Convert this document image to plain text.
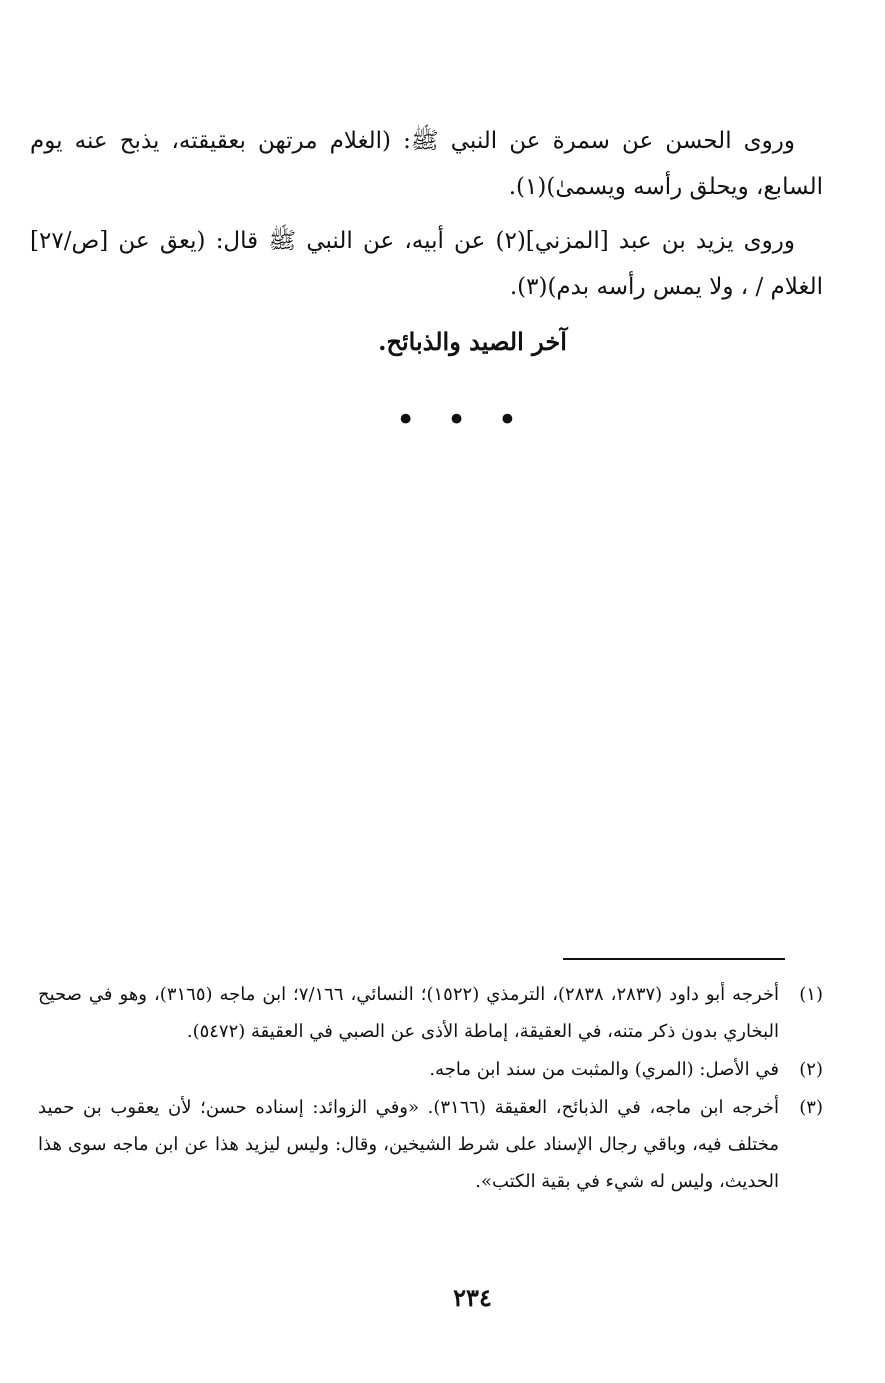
وروى الحسن عن سمرة عن النبي ﷺ: (الغلام مرتهن بعقيقته، يذبح عنه يوم السابع، ويحلق رأسه ويسمىٰ)(١).

وروى يزيد بن عبد [المزني](٢) عن أبيه، عن النبي ﷺ قال: (يعق عن [ص/٢٧] الغلام / ، ولا يمس رأسه بدم)(٣).

آخر الصيد والذبائح.
• • •
(١)
أخرجه أبو داود (٢٨٣٧، ٢٨٣٨)، الترمذي (١٥٢٢)؛ النسائي، ٧/١٦٦؛ ابن ماجه (٣١٦٥)، وهو في صحيح البخاري بدون ذكر متنه، في العقيقة، إماطة الأذى عن الصبي في العقيقة (٥٤٧٢).
(٢)
في الأصل: (المري) والمثبت من سند ابن ماجه.
(٣)
أخرجه ابن ماجه، في الذبائح، العقيقة (٣١٦٦). «وفي الزوائد: إسناده حسن؛ لأن يعقوب بن حميد مختلف فيه، وباقي رجال الإسناد على شرط الشيخين، وقال: وليس ليزيد هذا عن ابن ماجه سوى هذا الحديث، وليس له شيء في بقية الكتب».
٢٣٤
